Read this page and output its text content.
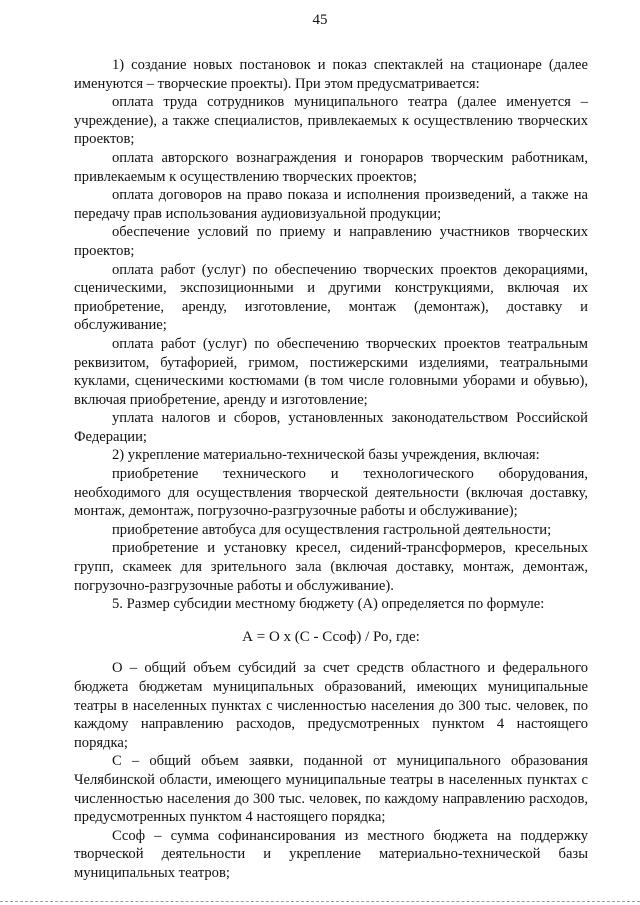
45

1) создание новых постановок и показ спектаклей на стационаре (далее именуются – творческие проекты). При этом предусматривается:

оплата труда сотрудников муниципального театра (далее именуется – учреждение), а также специалистов, привлекаемых к осуществлению творческих проектов;

оплата авторского вознаграждения и гонораров творческим работникам, привлекаемым к осуществлению творческих проектов;

оплата договоров на право показа и исполнения произведений, а также на передачу прав использования аудиовизуальной продукции;

обеспечение условий по приему и направлению участников творческих проектов;

оплата работ (услуг) по обеспечению творческих проектов декорациями, сценическими, экспозиционными и другими конструкциями, включая их приобретение, аренду, изготовление, монтаж (демонтаж), доставку и обслуживание;

оплата работ (услуг) по обеспечению творческих проектов театральным реквизитом, бутафорией, гримом, постижерскими изделиями, театральными куклами, сценическими костюмами (в том числе головными уборами и обувью), включая приобретение, аренду и изготовление;

уплата налогов и сборов, установленных законодательством Российской Федерации;

2) укрепление материально-технической базы учреждения, включая:

приобретение технического и технологического оборудования, необходимого для осуществления творческой деятельности (включая доставку, монтаж, демонтаж, погрузочно-разгрузочные работы и обслуживание);

приобретение автобуса для осуществления гастрольной деятельности;

приобретение и установку кресел, сидений-трансформеров, кресельных групп, скамеек для зрительного зала (включая доставку, монтаж, демонтаж, погрузочно-разгрузочные работы и обслуживание).

5. Размер субсидии местному бюджету (А) определяется по формуле:

А = О х (С - Ссоф) / Ро, где:

О – общий объем субсидий за счет средств областного и федерального бюджета бюджетам муниципальных образований, имеющих муниципальные театры в населенных пунктах с численностью населения до 300 тыс. человек, по каждому направлению расходов, предусмотренных пунктом 4 настоящего порядка;

С – общий объем заявки, поданной от муниципального образования Челябинской области, имеющего муниципальные театры в населенных пунктах с численностью населения до 300 тыс. человек, по каждому направлению расходов, предусмотренных пунктом 4 настоящего порядка;

Ссоф – сумма софинансирования из местного бюджета на поддержку творческой деятельности и укрепление материально-технической базы муниципальных театров;
